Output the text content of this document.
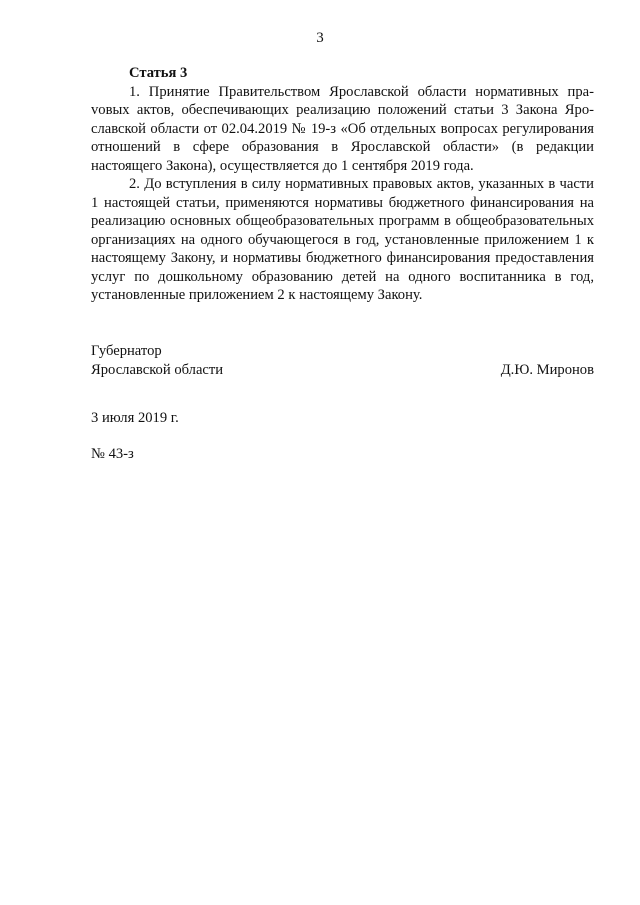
3

Статья 3

1. Принятие Правительством Ярославской области нормативных праvовых актов, обеспечивающих реализацию положений статьи 3 Закона Ярославской области от 02.04.2019 № 19-з «Об отдельных вопросах регулирования отношений в сфере образования в Ярославской области» (в редакции настоящего Закона), осуществляется до 1 сентября 2019 года.

2. До вступления в силу нормативных правовых актов, указанных в части 1 настоящей статьи, применяются нормативы бюджетного финансирования на реализацию основных общеобразовательных программ в общеобразовательных организациях на одного обучающегося в год, установленные приложением 1 к настоящему Закону, и нормативы бюджетного финансирования предоставления услуг по дошкольному образованию детей на одного воспитанника в год, установленные приложением 2 к настоящему Закону.

Губернатор
Ярославской области	Д.Ю. Миронов
3 июля 2019 г.
№ 43-з
